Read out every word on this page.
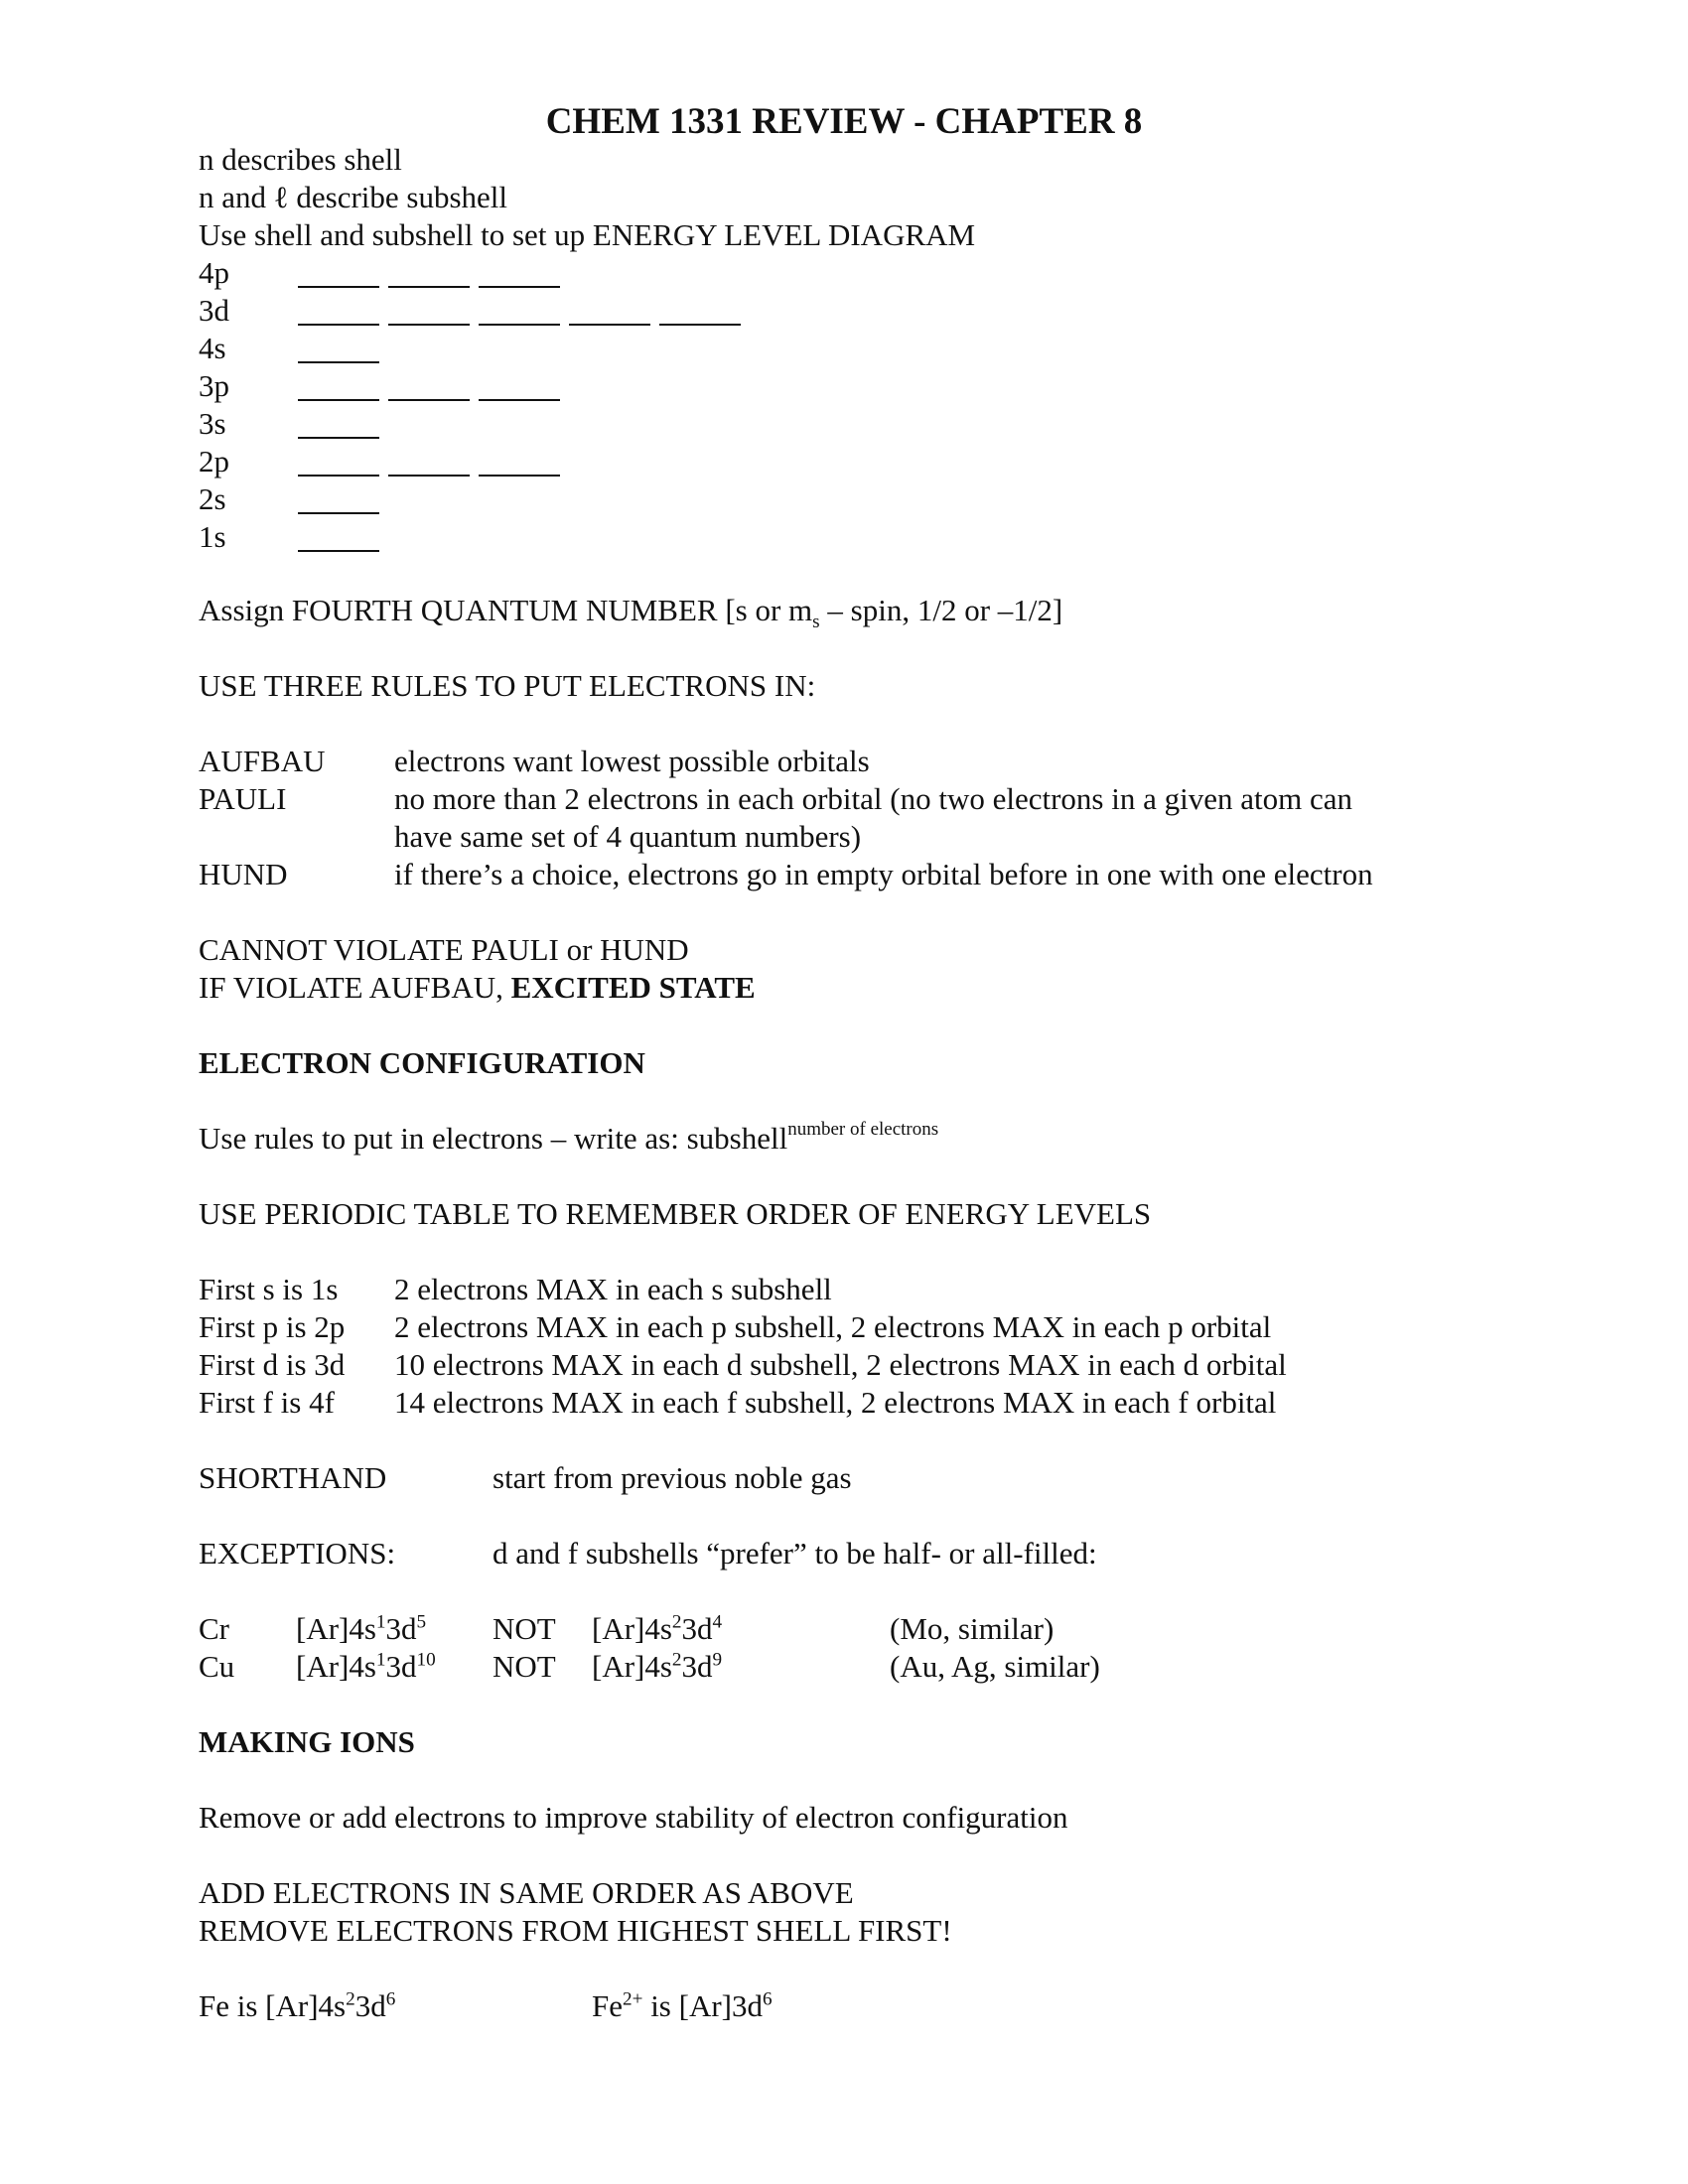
CHEM 1331 REVIEW - CHAPTER 8
n describes shell
n and ℓ describe subshell
Use shell and subshell to set up ENERGY LEVEL DIAGRAM
4p
3d
4s
3p
3s
2p
2s
1s
Assign FOURTH QUANTUM NUMBER [s or $m_s$ – spin, 1/2 or –1/2]
USE THREE RULES TO PUT ELECTRONS IN:
AUFBAU electrons want lowest possible orbitals
PAULI	no more than 2 electrons in each orbital (no two electrons in a given atom can
have same set of 4 quantum numbers)
HUND	if there’s a choice, electrons go in empty orbital before in one with one electron
CANNOT VIOLATE PAULI or HUND
IF VIOLATE AUFBAU, EXCITED STATE
ELECTRON CONFIGURATION
Use rules to put in electrons – write as: subshell$^{number of electrons}$
USE PERIODIC TABLE TO REMEMBER ORDER OF ENERGY LEVELS
First s is 1s 2 electrons MAX in each s subshell
First p is 2p 2 electrons MAX in each p subshell, 2 electrons MAX in each p orbital
First d is 3d 10 electrons MAX in each d subshell, 2 electrons MAX in each d orbital
First f is 4f 14 electrons MAX in each f subshell, 2 electrons MAX in each f orbital
SHORTHAND	start from previous noble gas
EXCEPTIONS:	d and f subshells “prefer” to be half- or all-filled:
Cr $[Ar]4s^13d^5$ NOT $[Ar]4s^23d^4$	(Mo, similar)
Cu $[Ar]4s^13d^{10}$ NOT $[Ar]4s^23d^9$	(Au, Ag, similar)
MAKING IONS
Remove or add electrons to improve stability of electron configuration
ADD ELECTRONS IN SAME ORDER AS ABOVE
REMOVE ELECTRONS FROM HIGHEST SHELL FIRST!
Fe is $[Ar]4s^23d^6$	$Fe^{2+}$ is $[Ar]3d^6$
